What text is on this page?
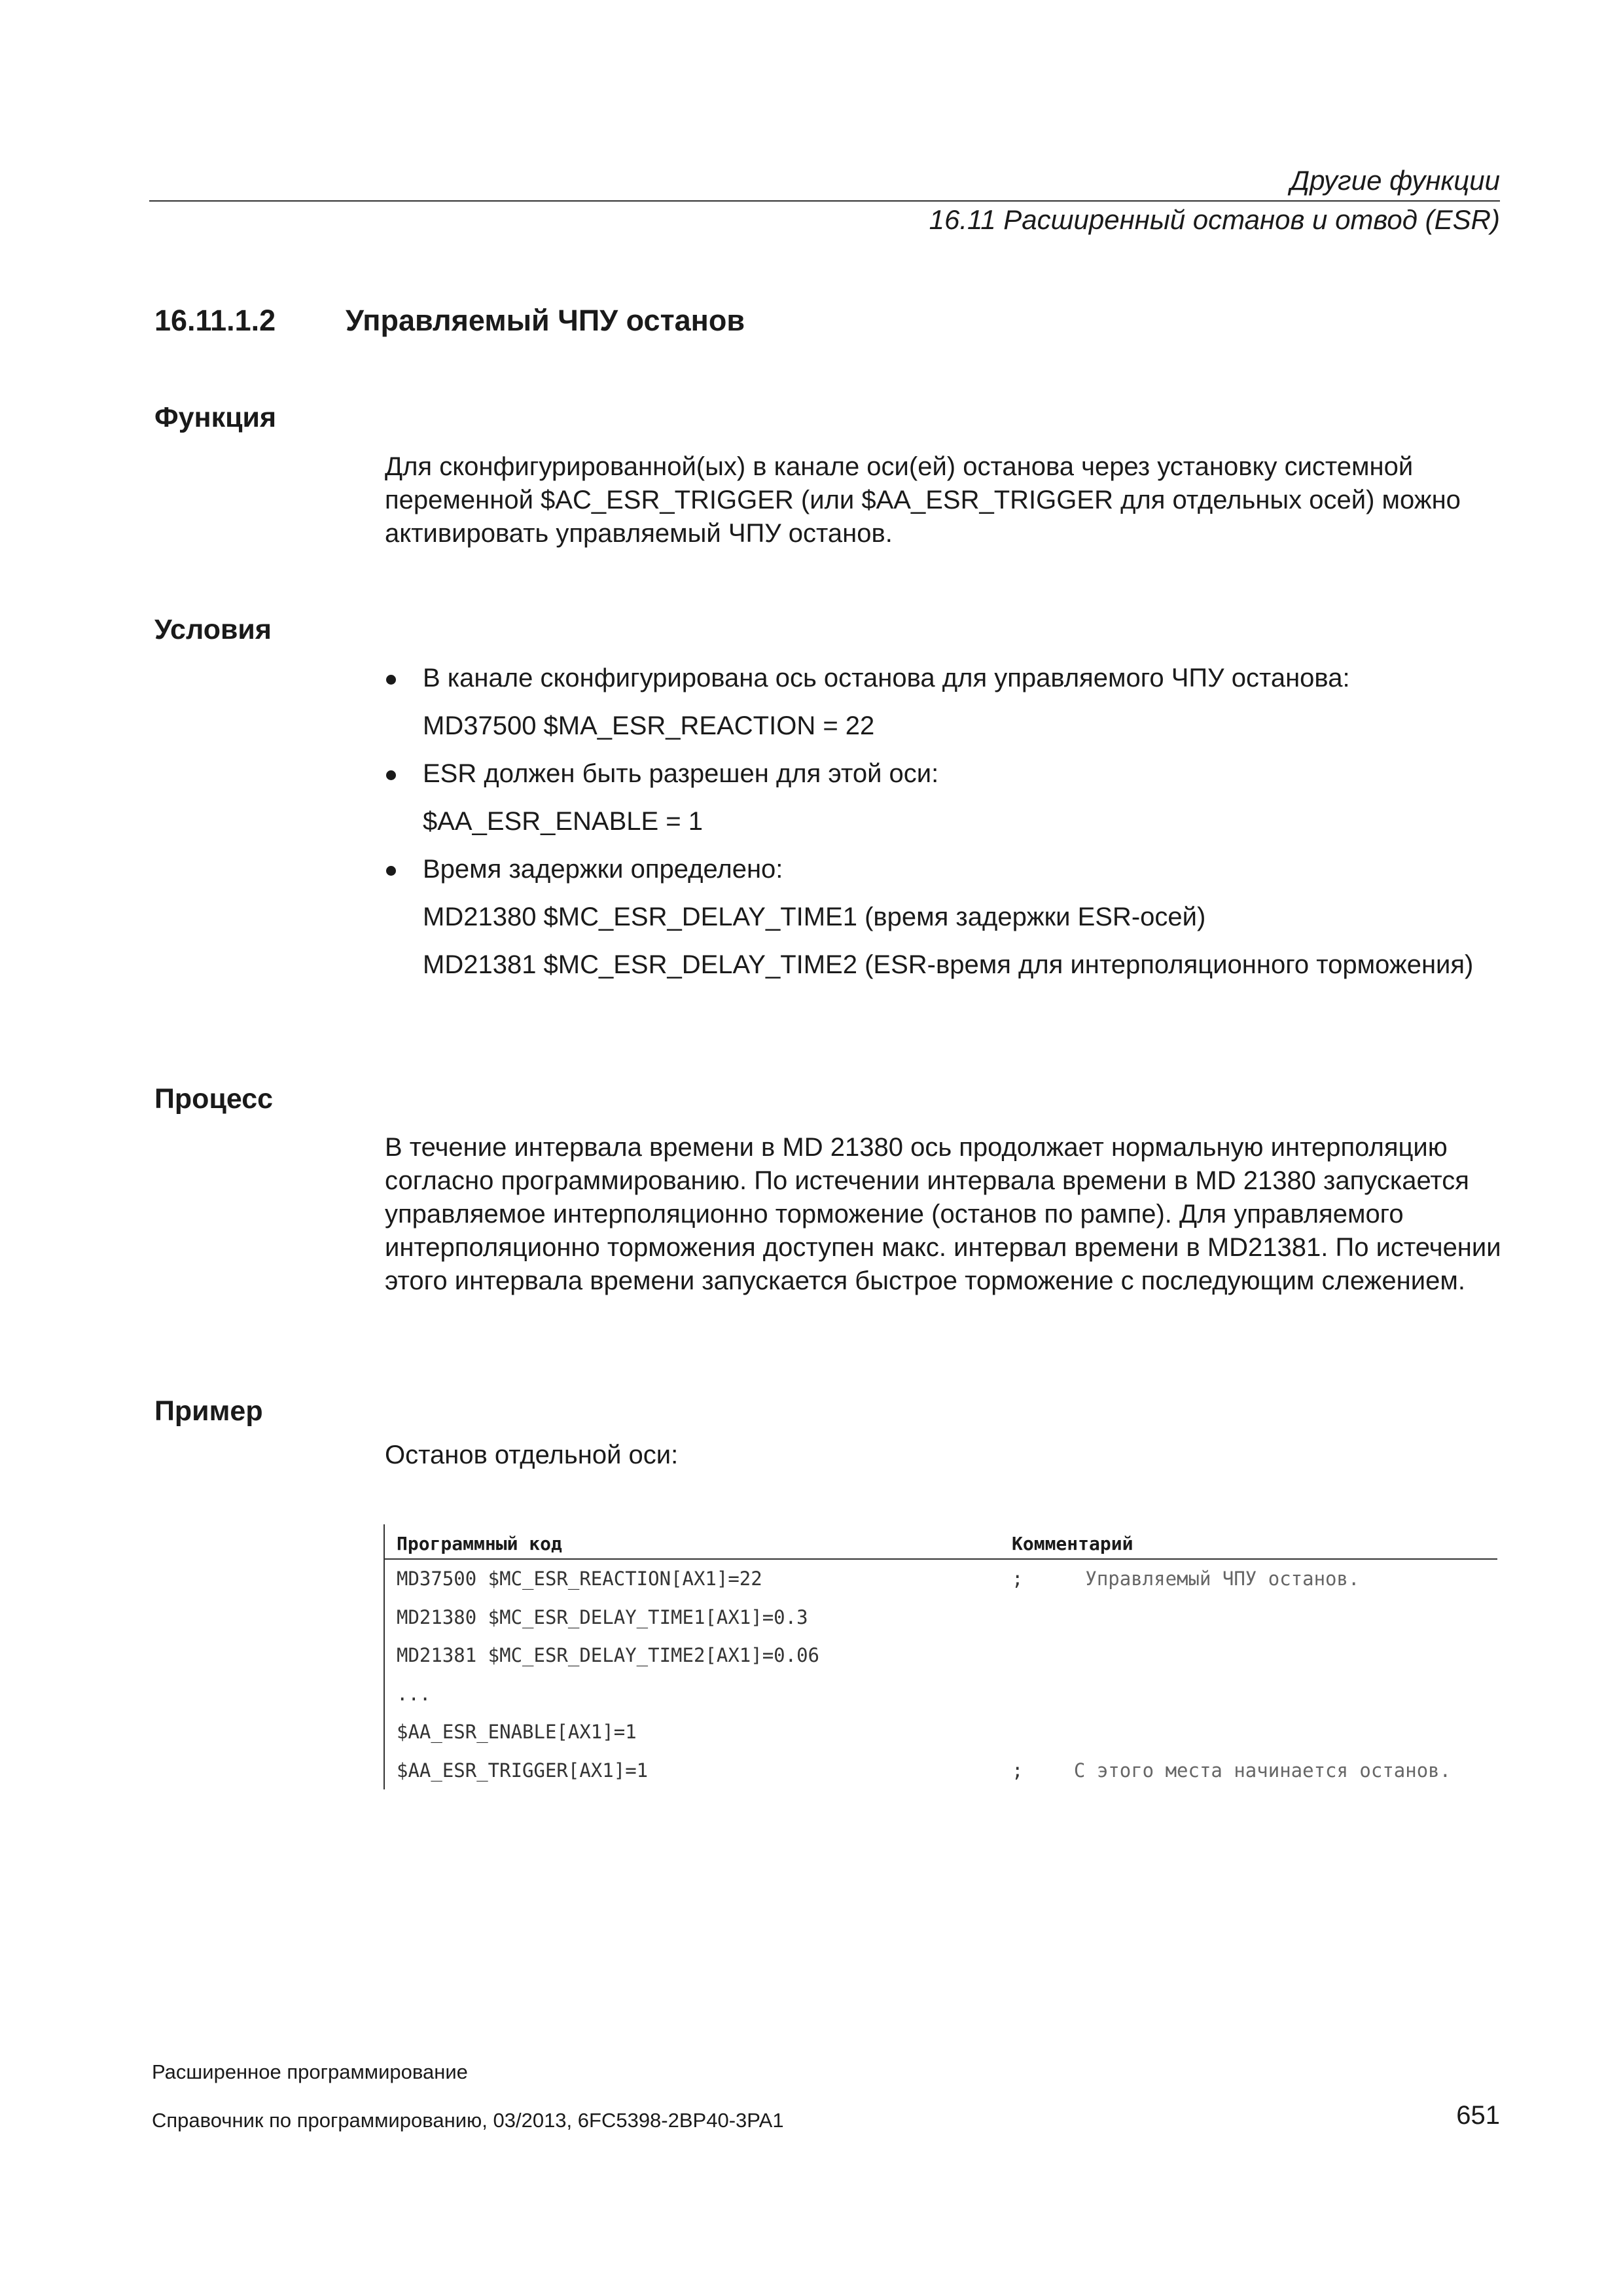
Другие функции
16.11 Расширенный останов и отвод (ESR)
16.11.1.2 Управляемый ЧПУ останов
Функция

Для сконфигурированной(ых) в канале оси(ей) останова через установку системной переменной $AC_ESR_TRIGGER (или $AA_ESR_TRIGGER для отдельных осей) можно активировать управляемый ЧПУ останов.

Условия
В канале сконфигурирована ось останова для управляемого ЧПУ останова:
MD37500 $MA_ESR_REACTION = 22
ESR должен быть разрешен для этой оси:
$AA_ESR_ENABLE = 1
Время задержки определено:
MD21380 $MC_ESR_DELAY_TIME1 (время задержки ESR-осей)
MD21381 $MC_ESR_DELAY_TIME2 (ESR-время для интерполяционного торможения)
Процесс

В течение интервала времени в MD 21380 ось продолжает нормальную интерполяцию согласно программированию. По истечении интервала времени в MD 21380 запускается управляемое интерполяционно торможение (останов по рампе). Для управляемого интерполяционно торможения доступен макс. интервал времени в MD21381. По истечении этого интервала времени запускается быстрое торможение с последующим слежением.

Пример
Останов отдельной оси:
Программный код		Комментарий
MD37500 $MC_ESR_REACTION[AX1]=22	;	Управляемый ЧПУ останов.
MD21380 $MC_ESR_DELAY_TIME1[AX1]=0.3		
MD21381 $MC_ESR_DELAY_TIME2[AX1]=0.06		
...		
$AA_ESR_ENABLE[AX1]=1		
$AA_ESR_TRIGGER[AX1]=1	;	С этого места начинается останов.
Расширенное программирование
Справочник по программированию, 03/2013, 6FC5398-2BP40-3PA1	651
